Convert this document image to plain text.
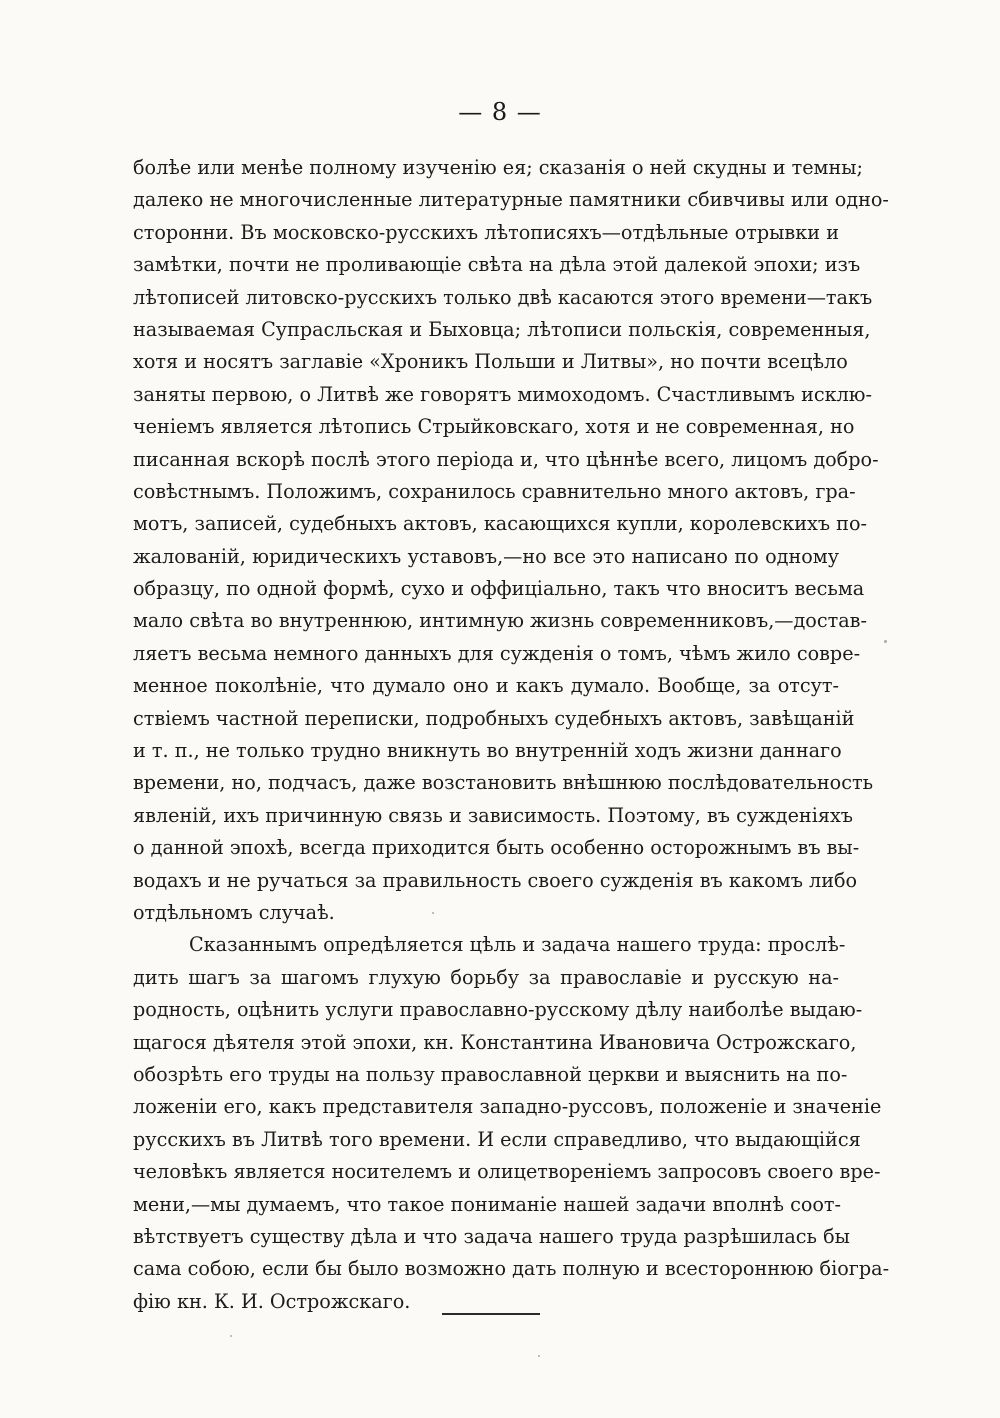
— 8 —
болѣе или менѣе полному изученію ея; сказанія о ней скудны и темны;
далеко не многочисленные литературные памятники сбивчивы или одно-
сторонни. Въ московско-русскихъ лѣтописяхъ—отдѣльные отрывки и
замѣтки, почти не проливающіе свѣта на дѣла этой далекой эпохи; изъ
лѣтописей литовско-русскихъ только двѣ касаются этого времени—такъ
называемая Супрасльская и Быховца; лѣтописи польскія, современныя,
хотя и носятъ заглавіе «Хроникъ Польши и Литвы», но почти всецѣло
заняты первою, о Литвѣ же говорятъ мимоходомъ. Счастливымъ исклю-
ченіемъ является лѣтопись Стрыйковскаго, хотя и не современная, но
писанная вскорѣ послѣ этого періода и, что цѣннѣе всего, лицомъ добро-
совѣстнымъ. Положимъ, сохранилось сравнительно много актовъ, гра-
мотъ, записей, судебныхъ актовъ, касающихся купли, королевскихъ по-
жалованій, юридическихъ уставовъ,—но все это написано по одному
образцу, по одной формѣ, сухо и оффиціально, такъ что вноситъ весьма
мало свѣта во внутреннюю, интимную жизнь современниковъ,—достав-
ляетъ весьма немного данныхъ для сужденія о томъ, чѣмъ жило совре-
менное поколѣніе, что думало оно и какъ думало. Вообще, за отсут-
ствіемъ частной переписки, подробныхъ судебныхъ актовъ, завѣщаній
и т. п., не только трудно вникнуть во внутренній ходъ жизни даннаго
времени, но, подчасъ, даже возстановить внѣшнюю послѣдовательность
явленій, ихъ причинную связь и зависимость. Поэтому, въ сужденіяхъ
о данной эпохѣ, всегда приходится быть особенно осторожнымъ въ вы-
водахъ и не ручаться за правильность своего сужденія въ какомъ либо
отдѣльномъ случаѣ.
Сказаннымъ опредѣляется цѣль и задача нашего труда: прослѣ-
дить шагъ за шагомъ глухую борьбу за православіе и русскую на-
родность, оцѣнить услуги православно-русскому дѣлу наиболѣе выдаю-
щагося дѣятеля этой эпохи, кн. Константина Ивановича Острожскаго,
обозрѣть его труды на пользу православной церкви и выяснить на по-
ложеніи его, какъ представителя западно-руссовъ, положеніе и значеніе
русскихъ въ Литвѣ того времени. И если справедливо, что выдающійся
человѣкъ является носителемъ и олицетвореніемъ запросовъ своего вре-
мени,—мы думаемъ, что такое пониманіе нашей задачи вполнѣ соот-
вѣтствуетъ существу дѣла и что задача нашего труда разрѣшилась бы
сама собою, если бы было возможно дать полную и всестороннюю біогра-
фію кн. К. И. Острожскаго.
